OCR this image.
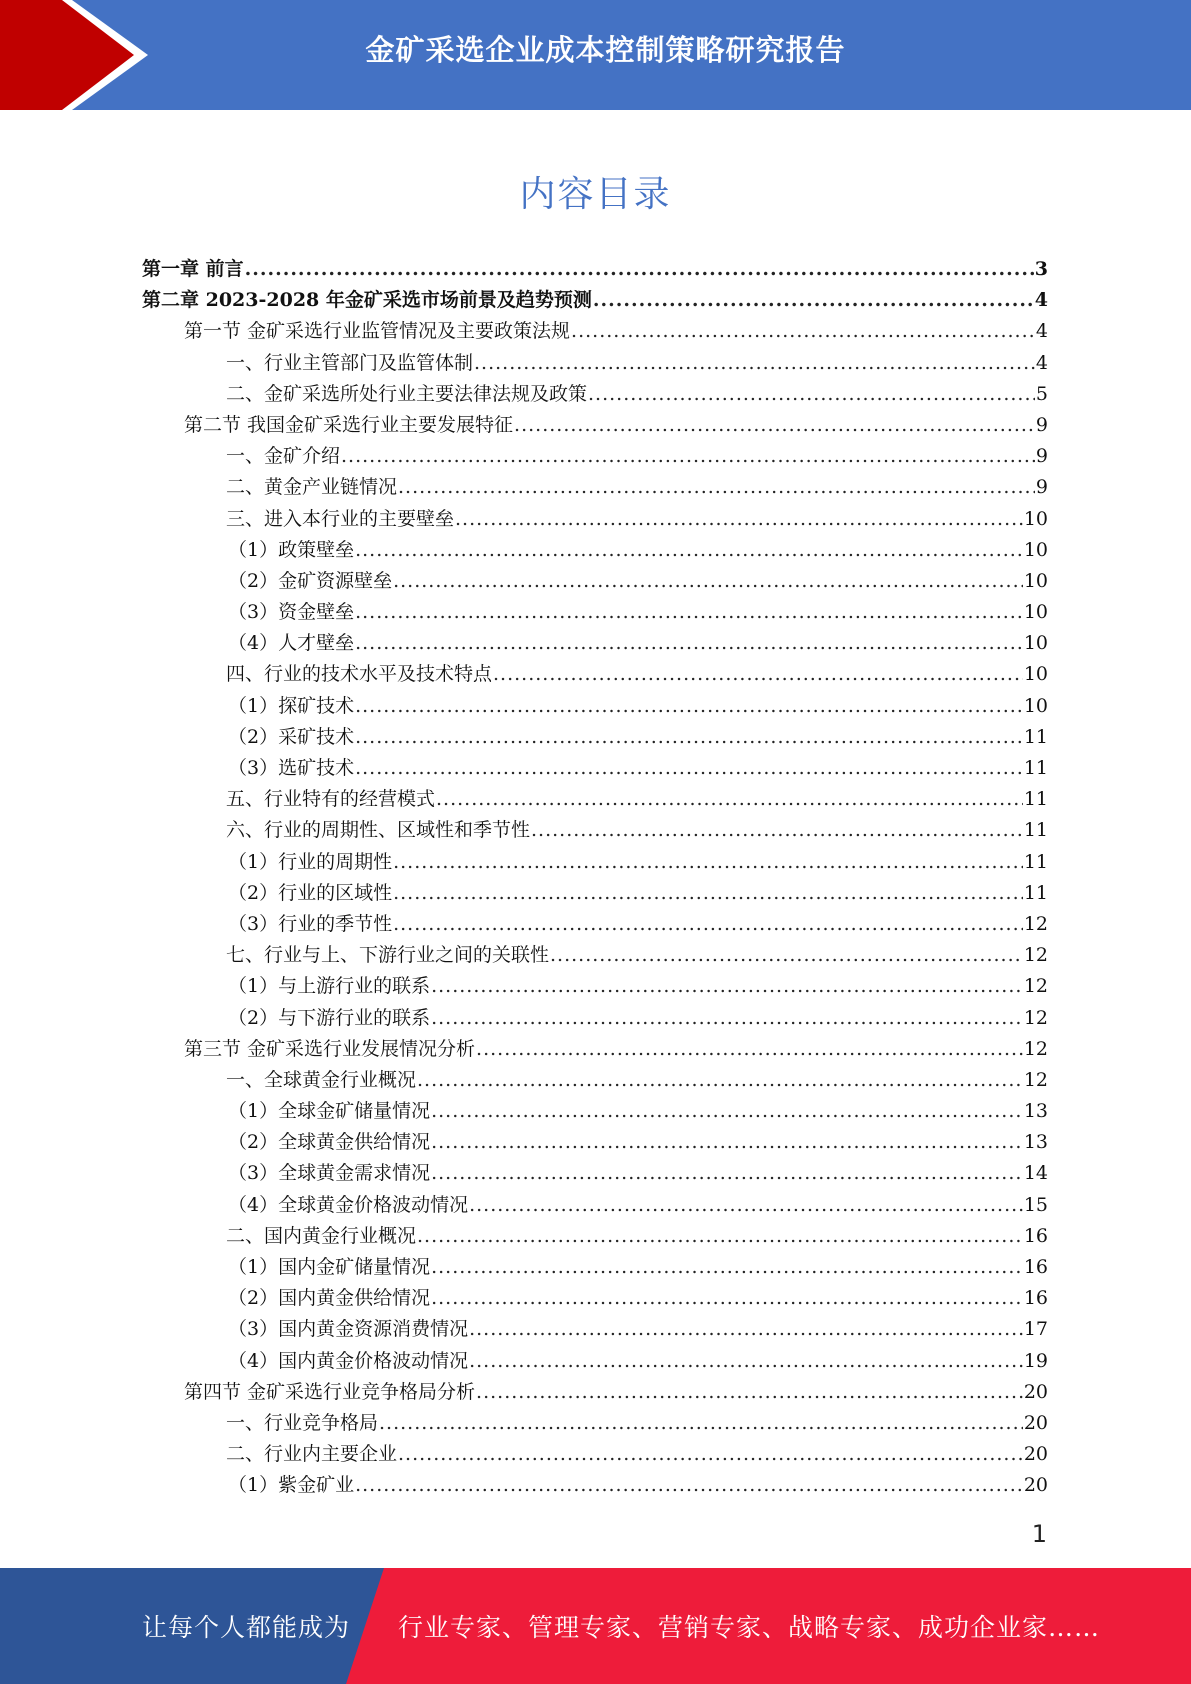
金矿采选企业成本控制策略研究报告
内容目录
第一章 前言 .....	3
第二章 2023-2028 年金矿采选市场前景及趋势预测 .....	4
第一节 金矿采选行业监管情况及主要政策法规 .....	4
一、行业主管部门及监管体制 .....	4
二、金矿采选所处行业主要法律法规及政策 .....	5
第二节 我国金矿采选行业主要发展特征 .....	9
一、金矿介绍 .....	9
二、黄金产业链情况 .....	9
三、进入本行业的主要壁垒 .....	10
（1）政策壁垒 .....	10
（2）金矿资源壁垒 .....	10
（3）资金壁垒 .....	10
（4）人才壁垒 .....	10
四、行业的技术水平及技术特点 .....	10
（1）探矿技术 .....	10
（2）采矿技术 .....	11
（3）选矿技术 .....	11
五、行业特有的经营模式 .....	11
六、行业的周期性、区域性和季节性 .....	11
（1）行业的周期性 .....	11
（2）行业的区域性 .....	11
（3）行业的季节性 .....	12
七、行业与上、下游行业之间的关联性 .....	12
（1）与上游行业的联系 .....	12
（2）与下游行业的联系 .....	12
第三节 金矿采选行业发展情况分析 .....	12
一、全球黄金行业概况 .....	12
（1）全球金矿储量情况 .....	13
（2）全球黄金供给情况 .....	13
（3）全球黄金需求情况 .....	14
（4）全球黄金价格波动情况 .....	15
二、国内黄金行业概况 .....	16
（1）国内金矿储量情况 .....	16
（2）国内黄金供给情况 .....	16
（3）国内黄金资源消费情况 .....	17
（4）国内黄金价格波动情况 .....	19
第四节 金矿采选行业竞争格局分析 .....	20
一、行业竞争格局 .....	20
二、行业内主要企业 .....	20
（1）紫金矿业 .....	20
1
让每个人都能成为 行业专家、管理专家、营销专家、战略专家、成功企业家……
